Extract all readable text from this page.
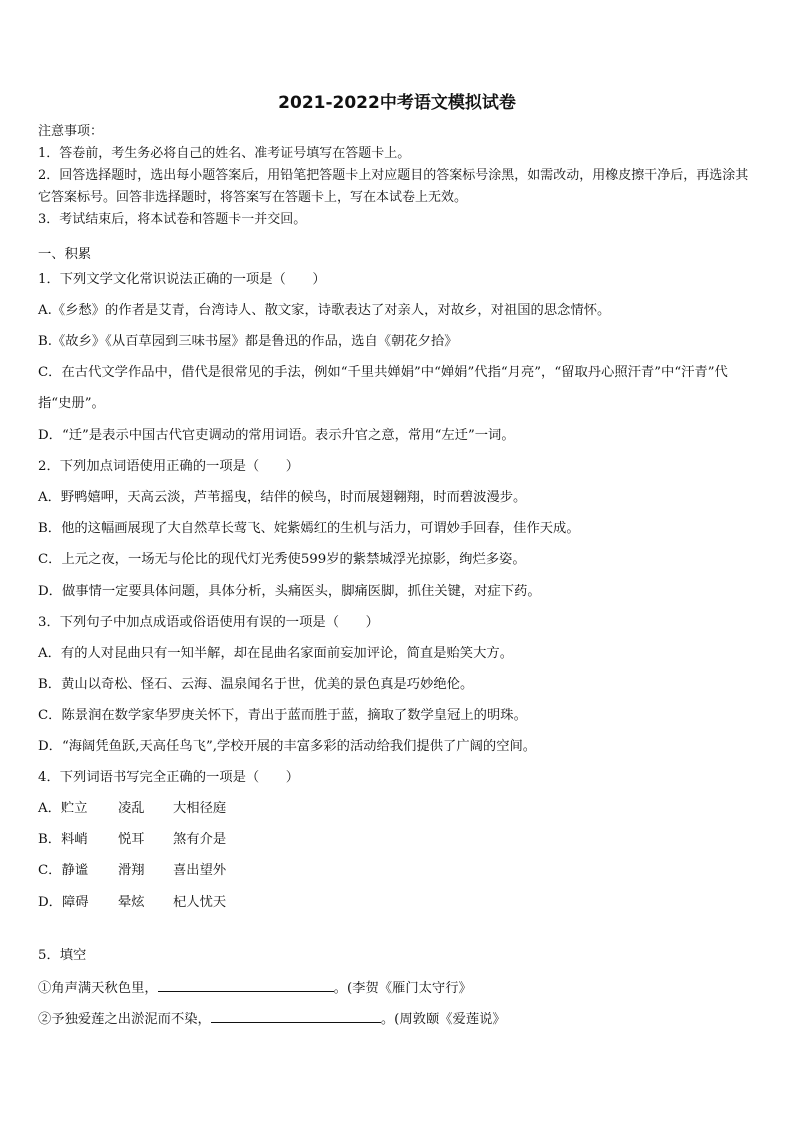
2021-2022中考语文模拟试卷
注意事项：
1．答卷前，考生务必将自己的姓名、准考证号填写在答题卡上。
2．回答选择题时，选出每小题答案后，用铅笔把答题卡上对应题目的答案标号涂黑，如需改动，用橡皮擦干净后，再选涂其它答案标号。回答非选择题时，将答案写在答题卡上，写在本试卷上无效。
3．考试结束后，将本试卷和答题卡一并交回。
一、积累
1．下列文学文化常识说法正确的一项是（　　）
A.《乡愁》的作者是艾青，台湾诗人、散文家，诗歌表达了对亲人，对故乡，对祖国的思念情怀。
B.《故乡》《从百草园到三味书屋》都是鲁迅的作品，选自《朝花夕拾》
C．在古代文学作品中，借代是很常见的手法，例如“千里共婵娟”中“婵娟”代指“月亮”，“留取丹心照汗青”中“汗青”代指“史册”。
D．“迁”是表示中国古代官吏调动的常用词语。表示升官之意，常用“左迁”一词。
2．下列加点词语使用正确的一项是（　　）
A．野鸭嬉呷，天高云淡，芦苇摇曳，结伴的候鸟，时而展翅翱翔，时而碧波漫步。
B．他的这幅画展现了大自然草长莺飞、姹紫嫣红的生机与活力，可谓妙手回春，佳作天成。
C．上元之夜，一场无与伦比的现代灯光秀使599岁的紫禁城浮光掠影，绚烂多姿。
D．做事情一定要具体问题，具体分析，头痛医头，脚痛医脚，抓住关键，对症下药。
3．下列句子中加点成语或俗语使用有误的一项是（　　）
A．有的人对昆曲只有一知半解，却在昆曲名家面前妄加评论，简直是贻笑大方。
B．黄山以奇松、怪石、云海、温泉闻名于世，优美的景色真是巧妙绝伦。
C．陈景润在数学家华罗庚关怀下，青出于蓝而胜于蓝，摘取了数学皇冠上的明珠。
D．“海阔凭鱼跃,天高任鸟飞”,学校开展的丰富多彩的活动给我们提供了广阔的空间。
4．下列词语书写完全正确的一项是（　　）
A．贮立 凌乱 大相径庭
B．料峭 悦耳 煞有介是
C．静谧 滑翔 喜出望外
D．障碍 晕炫 杞人忧天
5．填空
①角声满天秋色里，	。(李贺《雁门太守行》
②予独爱莲之出淤泥而不染，	。(周敦颐《爱莲说》
